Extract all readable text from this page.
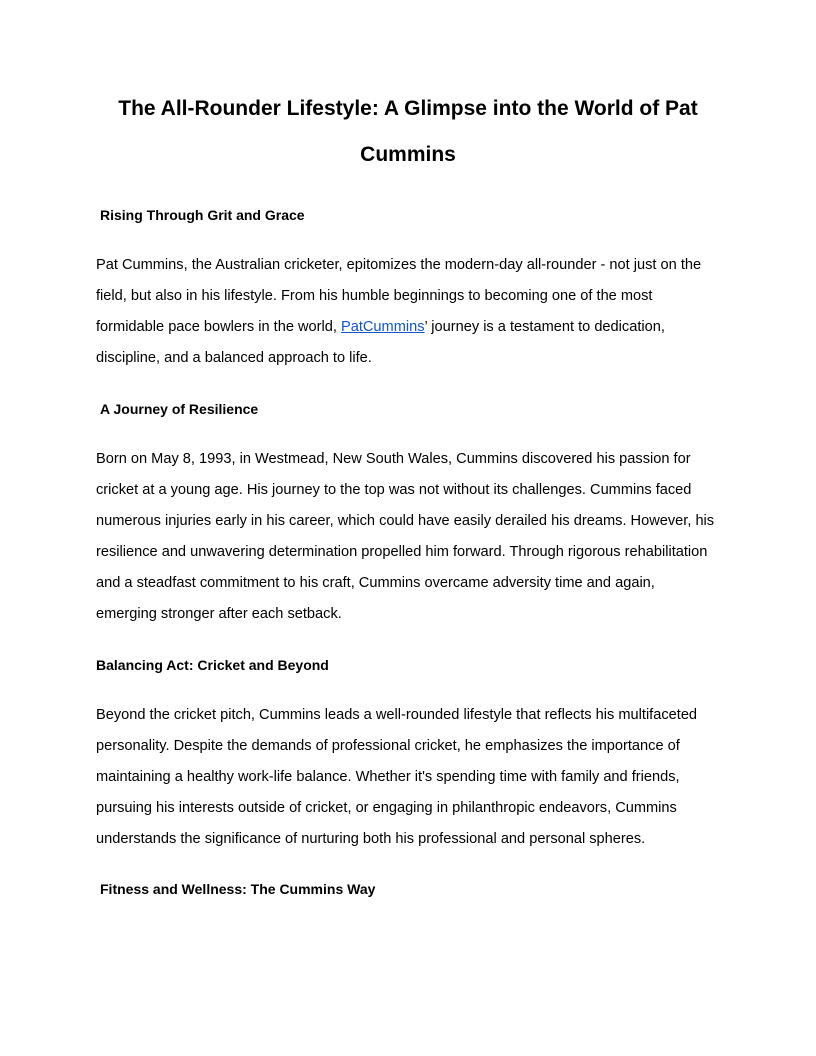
The All-Rounder Lifestyle: A Glimpse into the World of Pat
Cummins
Rising Through Grit and Grace
Pat Cummins, the Australian cricketer, epitomizes the modern-day all-rounder - not just on the
field, but also in his lifestyle. From his humble beginnings to becoming one of the most
formidable pace bowlers in the world, PatCummins’ journey is a testament to dedication,
discipline, and a balanced approach to life.
A Journey of Resilience
Born on May 8, 1993, in Westmead, New South Wales, Cummins discovered his passion for
cricket at a young age. His journey to the top was not without its challenges. Cummins faced
numerous injuries early in his career, which could have easily derailed his dreams. However, his
resilience and unwavering determination propelled him forward. Through rigorous rehabilitation
and a steadfast commitment to his craft, Cummins overcame adversity time and again,
emerging stronger after each setback.
Balancing Act: Cricket and Beyond
Beyond the cricket pitch, Cummins leads a well-rounded lifestyle that reflects his multifaceted
personality. Despite the demands of professional cricket, he emphasizes the importance of
maintaining a healthy work-life balance. Whether it's spending time with family and friends,
pursuing his interests outside of cricket, or engaging in philanthropic endeavors, Cummins
understands the significance of nurturing both his professional and personal spheres.
Fitness and Wellness: The Cummins Way
